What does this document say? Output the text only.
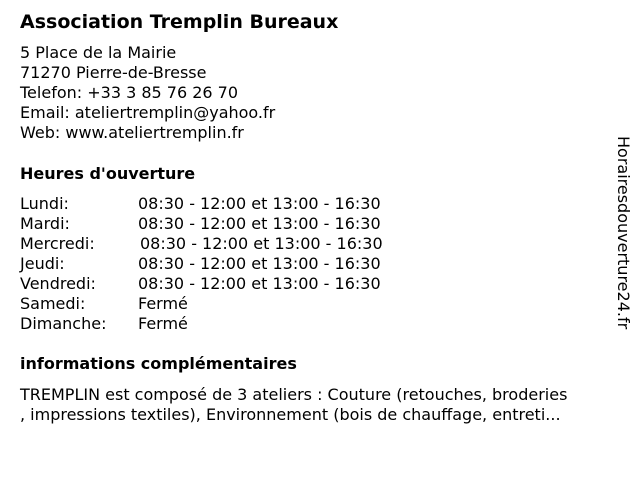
Association Tremplin Bureaux
5 Place de la Mairie
71270 Pierre-de-Bresse
Telefon: +33 3 85 76 26 70
Email: ateliertremplin@yahoo.fr
Web: www.ateliertremplin.fr
Heures d'ouverture
Lundi:	08:30 - 12:00 et 13:00 - 16:30
Mardi:	08:30 - 12:00 et 13:00 - 16:30
Mercredi:	08:30 - 12:00 et 13:00 - 16:30
Jeudi:	08:30 - 12:00 et 13:00 - 16:30
Vendredi:	08:30 - 12:00 et 13:00 - 16:30
Samedi:	Fermé
Dimanche: Fermé
informations complémentaires
TREMPLIN est composé de 3 ateliers : Couture (retouches, broderies
, impressions textiles), Environnement (bois de chauffage, entreti...
Horairesdouverture24.fr
